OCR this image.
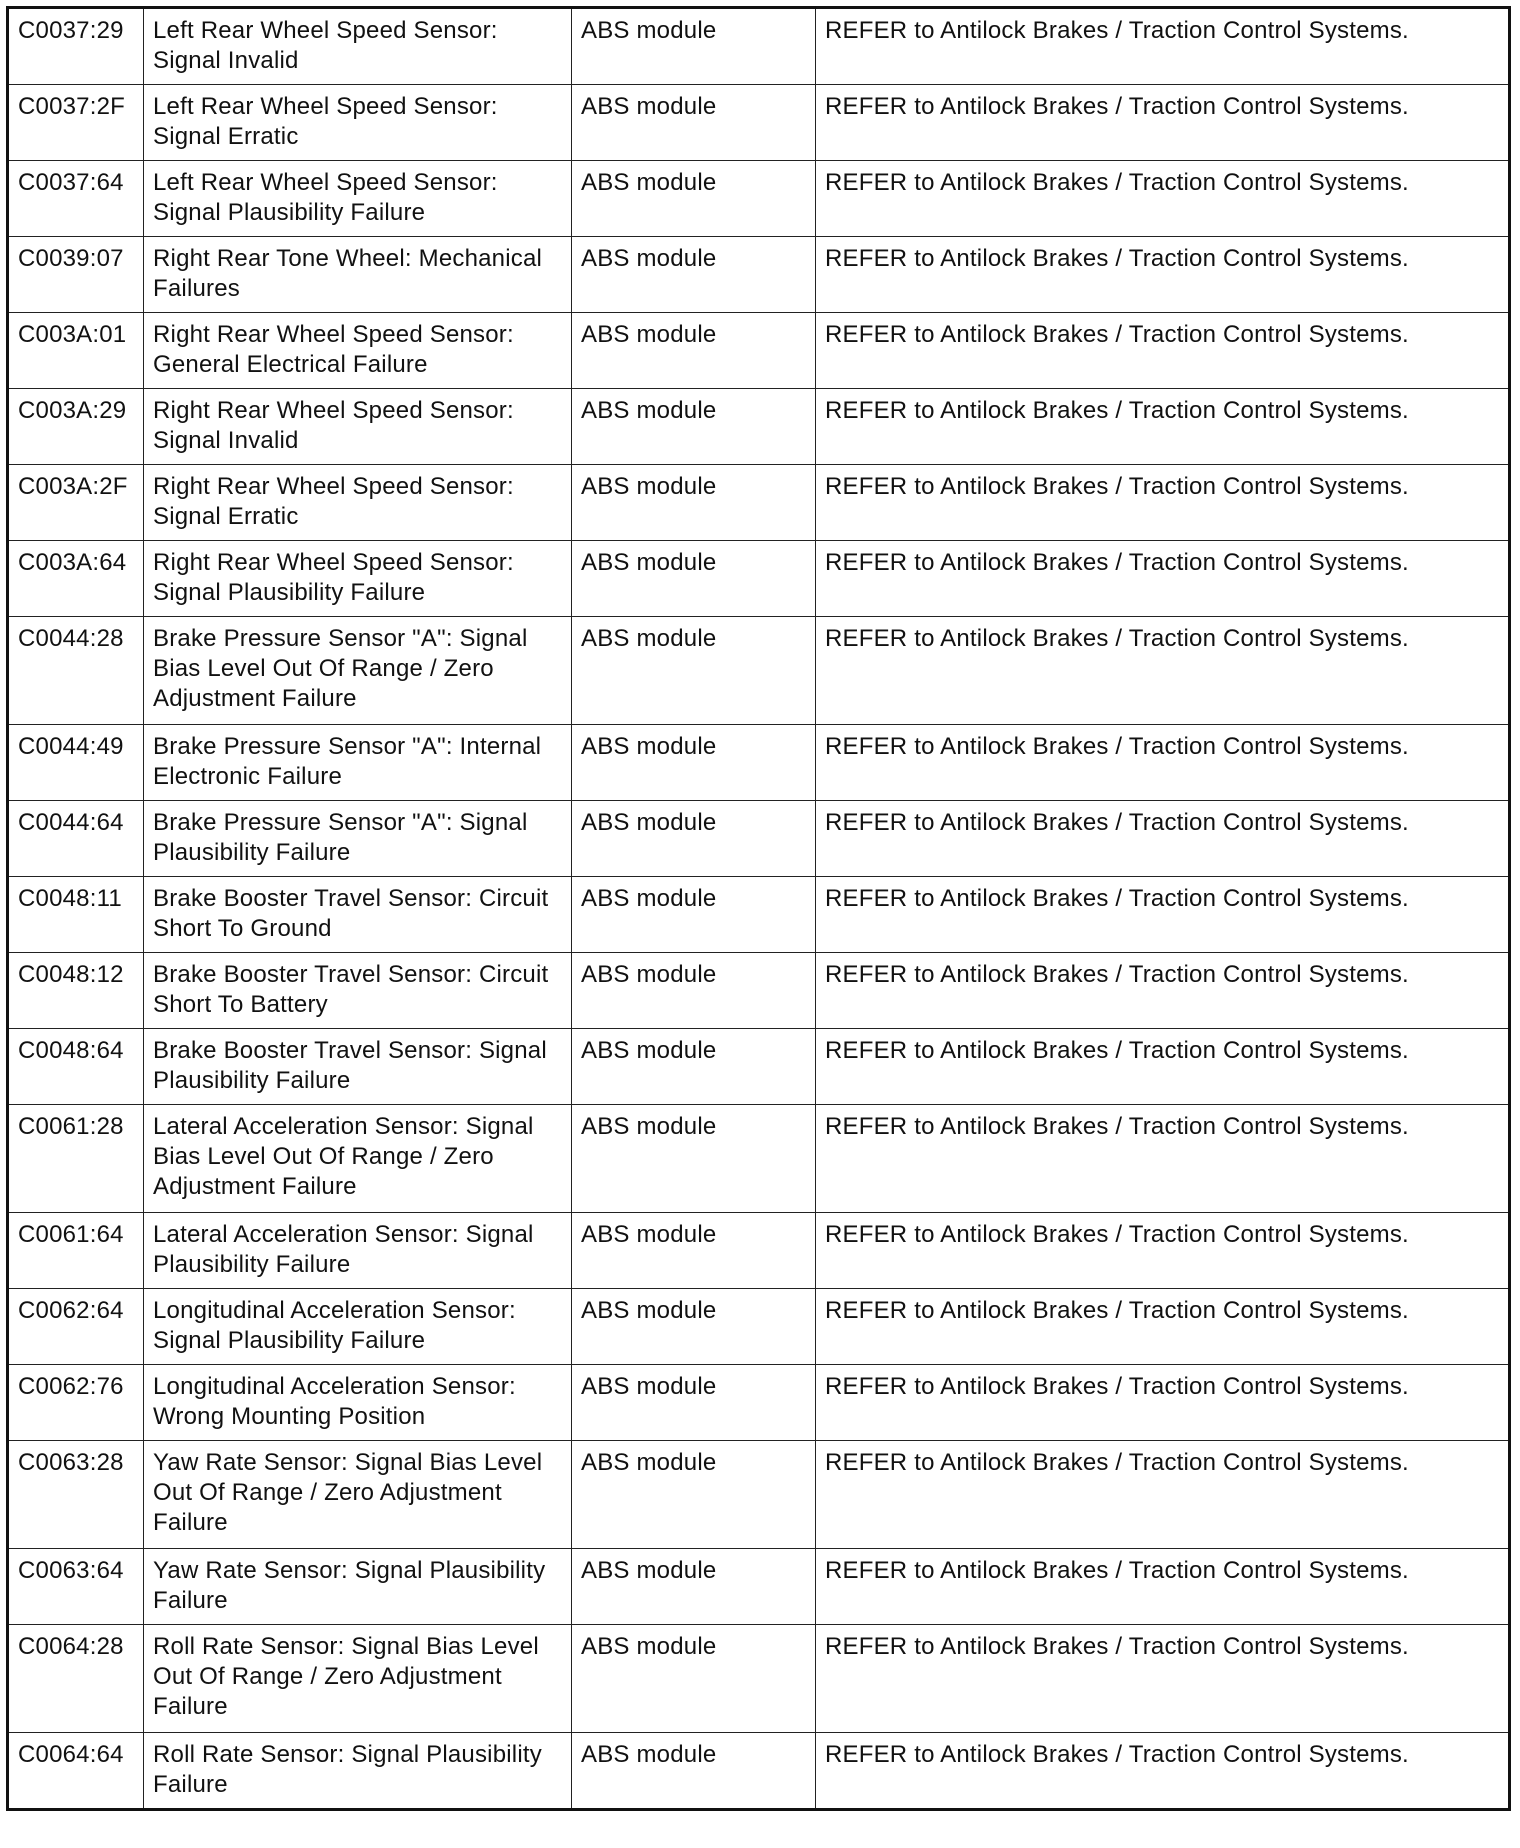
C0037:29	Left Rear Wheel Speed Sensor: Signal Invalid	ABS module	REFER to Antilock Brakes / Traction Control Systems.
C0037:2F	Left Rear Wheel Speed Sensor: Signal Erratic	ABS module	REFER to Antilock Brakes / Traction Control Systems.
C0037:64	Left Rear Wheel Speed Sensor: Signal Plausibility Failure	ABS module	REFER to Antilock Brakes / Traction Control Systems.
C0039:07	Right Rear Tone Wheel: Mechanical Failures	ABS module	REFER to Antilock Brakes / Traction Control Systems.
C003A:01	Right Rear Wheel Speed Sensor: General Electrical Failure	ABS module	REFER to Antilock Brakes / Traction Control Systems.
C003A:29	Right Rear Wheel Speed Sensor: Signal Invalid	ABS module	REFER to Antilock Brakes / Traction Control Systems.
C003A:2F	Right Rear Wheel Speed Sensor: Signal Erratic	ABS module	REFER to Antilock Brakes / Traction Control Systems.
C003A:64	Right Rear Wheel Speed Sensor: Signal Plausibility Failure	ABS module	REFER to Antilock Brakes / Traction Control Systems.
C0044:28	Brake Pressure Sensor "A": Signal Bias Level Out Of Range / Zero Adjustment Failure	ABS module	REFER to Antilock Brakes / Traction Control Systems.
C0044:49	Brake Pressure Sensor "A": Internal Electronic Failure	ABS module	REFER to Antilock Brakes / Traction Control Systems.
C0044:64	Brake Pressure Sensor "A": Signal Plausibility Failure	ABS module	REFER to Antilock Brakes / Traction Control Systems.
C0048:11	Brake Booster Travel Sensor: Circuit Short To Ground	ABS module	REFER to Antilock Brakes / Traction Control Systems.
C0048:12	Brake Booster Travel Sensor: Circuit Short To Battery	ABS module	REFER to Antilock Brakes / Traction Control Systems.
C0048:64	Brake Booster Travel Sensor: Signal Plausibility Failure	ABS module	REFER to Antilock Brakes / Traction Control Systems.
C0061:28	Lateral Acceleration Sensor: Signal Bias Level Out Of Range / Zero Adjustment Failure	ABS module	REFER to Antilock Brakes / Traction Control Systems.
C0061:64	Lateral Acceleration Sensor: Signal Plausibility Failure	ABS module	REFER to Antilock Brakes / Traction Control Systems.
C0062:64	Longitudinal Acceleration Sensor: Signal Plausibility Failure	ABS module	REFER to Antilock Brakes / Traction Control Systems.
C0062:76	Longitudinal Acceleration Sensor: Wrong Mounting Position	ABS module	REFER to Antilock Brakes / Traction Control Systems.
C0063:28	Yaw Rate Sensor: Signal Bias Level Out Of Range / Zero Adjustment Failure	ABS module	REFER to Antilock Brakes / Traction Control Systems.
C0063:64	Yaw Rate Sensor: Signal Plausibility Failure	ABS module	REFER to Antilock Brakes / Traction Control Systems.
C0064:28	Roll Rate Sensor: Signal Bias Level Out Of Range / Zero Adjustment Failure	ABS module	REFER to Antilock Brakes / Traction Control Systems.
C0064:64	Roll Rate Sensor: Signal Plausibility Failure	ABS module	REFER to Antilock Brakes / Traction Control Systems.
